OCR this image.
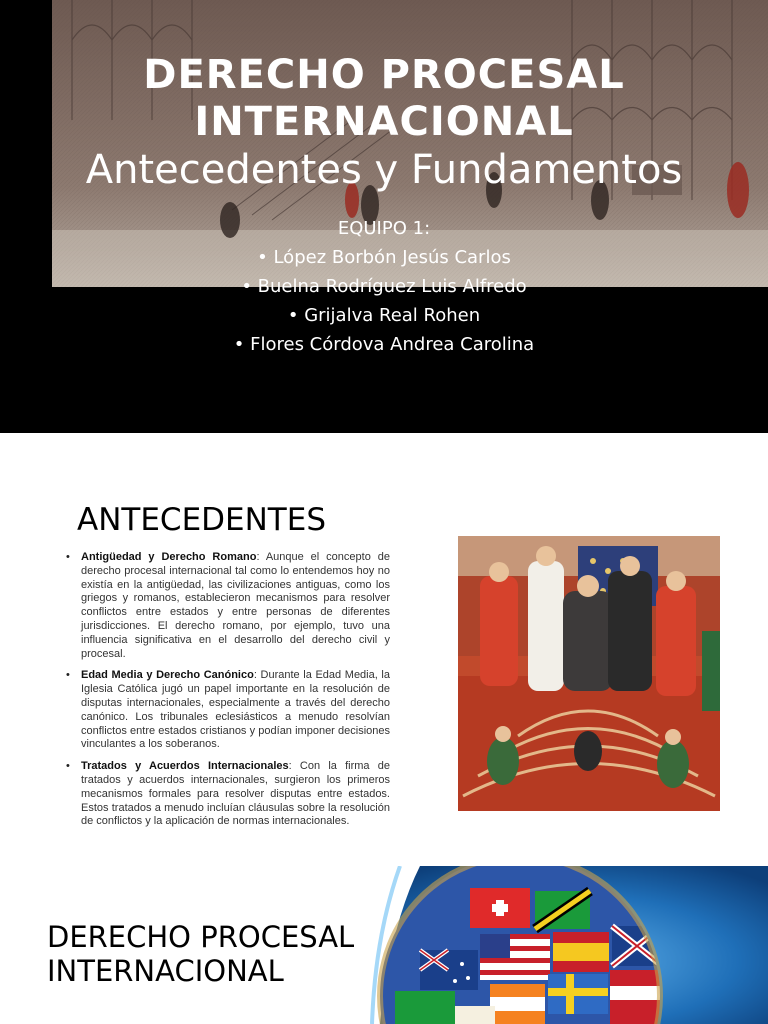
DERECHO PROCESAL
INTERNACIONAL
Antecedentes y Fundamentos
EQUIPO 1:
• López Borbón Jesús Carlos
• Buelna Rodríguez Luis Alfredo
• Grijalva Real Rohen
• Flores Córdova Andrea Carolina
ANTECEDENTES
• Antigüedad y Derecho Romano: Aunque el concepto de derecho procesal internacional tal como lo entendemos hoy no existía en la antigüedad, las civilizaciones antiguas, como los griegos y romanos, establecieron mecanismos para resolver conflictos entre estados y entre personas de diferentes jurisdicciones. El derecho romano, por ejemplo, tuvo una influencia significativa en el desarrollo del derecho civil y procesal.
• Edad Media y Derecho Canónico: Durante la Edad Media, la Iglesia Católica jugó un papel importante en la resolución de disputas internacionales, especialmente a través del derecho canónico. Los tribunales eclesiásticos a menudo resolvían conflictos entre estados cristianos y podían imponer decisiones vinculantes a los soberanos.
• Tratados y Acuerdos Internacionales: Con la firma de tratados y acuerdos internacionales, surgieron los primeros mecanismos formales para resolver disputas entre estados. Estos tratados a menudo incluían cláusulas sobre la resolución de conflictos y la aplicación de normas internacionales.
DERECHO PROCESAL
INTERNACIONAL
